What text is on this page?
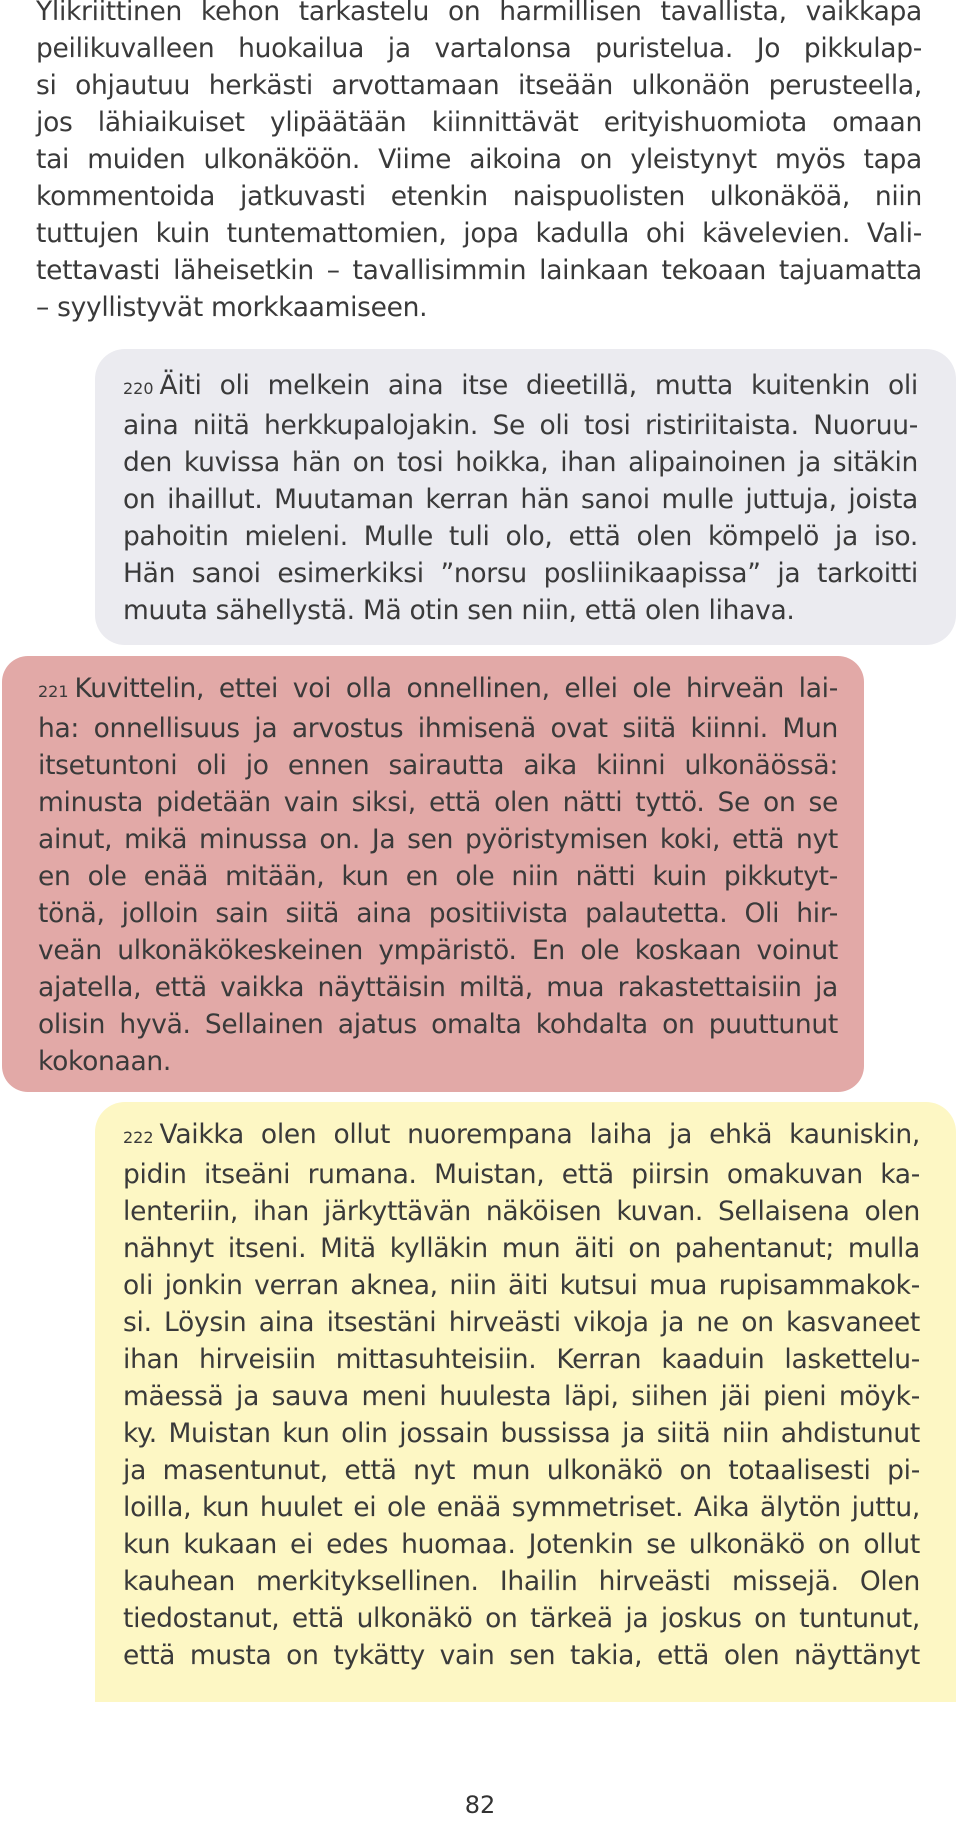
Ylikriittinen kehon tarkastelu on harmillisen tavallista, vaikkapa
peilikuvalleen huokailua ja vartalonsa puristelua. Jo pikkulap-
si ohjautuu herkästi arvottamaan itseään ulkonäön perusteella,
jos lähiaikuiset ylipäätään kiinnittävät erityishuomiota omaan
tai muiden ulkonäköön. Viime aikoina on yleistynyt myös tapa
kommentoida jatkuvasti etenkin naispuolisten ulkonäköä, niin
tuttujen kuin tuntemattomien, jopa kadulla ohi kävelevien. Vali-
tettavasti läheisetkin – tavallisimmin lainkaan tekoaan tajuamatta
– syyllistyvät morkkaamiseen.
220 Äiti oli melkein aina itse dieetillä, mutta kuitenkin oli
aina niitä herkkupalojakin. Se oli tosi ristiriitaista. Nuoruu-
den kuvissa hän on tosi hoikka, ihan alipainoinen ja sitäkin
on ihaillut. Muutaman kerran hän sanoi mulle juttuja, joista
pahoitin mieleni. Mulle tuli olo, että olen kömpelö ja iso.
Hän sanoi esimerkiksi ”norsu posliinikaapissa” ja tarkoitti
muuta sähellystä. Mä otin sen niin, että olen lihava.
221 Kuvittelin, ettei voi olla onnellinen, ellei ole hirveän lai-
ha: onnellisuus ja arvostus ihmisenä ovat siitä kiinni. Mun
itsetuntoni oli jo ennen sairautta aika kiinni ulkonäössä:
minusta pidetään vain siksi, että olen nätti tyttö. Se on se
ainut, mikä minussa on. Ja sen pyöristymisen koki, että nyt
en ole enää mitään, kun en ole niin nätti kuin pikkutyt-
tönä, jolloin sain siitä aina positiivista palautetta. Oli hir-
veän ulkonäkökeskeinen ympäristö. En ole koskaan voinut
ajatella, että vaikka näyttäisin miltä, mua rakastettaisiin ja
olisin hyvä. Sellainen ajatus omalta kohdalta on puuttunut
kokonaan.
222 Vaikka olen ollut nuorempana laiha ja ehkä kauniskin,
pidin itseäni rumana. Muistan, että piirsin omakuvan ka-
lenteriin, ihan järkyttävän näköisen kuvan. Sellaisena olen
nähnyt itseni. Mitä kylläkin mun äiti on pahentanut; mulla
oli jonkin verran aknea, niin äiti kutsui mua rupisammakok-
si. Löysin aina itsestäni hirveästi vikoja ja ne on kasvaneet
ihan hirveisiin mittasuhteisiin. Kerran kaaduin laskettelu-
mäessä ja sauva meni huulesta läpi, siihen jäi pieni möyk-
ky. Muistan kun olin jossain bussissa ja siitä niin ahdistunut
ja masentunut, että nyt mun ulkonäkö on totaalisesti pi-
loilla, kun huulet ei ole enää symmetriset. Aika älytön juttu,
kun kukaan ei edes huomaa. Jotenkin se ulkonäkö on ollut
kauhean merkityksellinen. Ihailin hirveästi missejä. Olen
tiedostanut, että ulkonäkö on tärkeä ja joskus on tuntunut,
että musta on tykätty vain sen takia, että olen näyttänyt
82
